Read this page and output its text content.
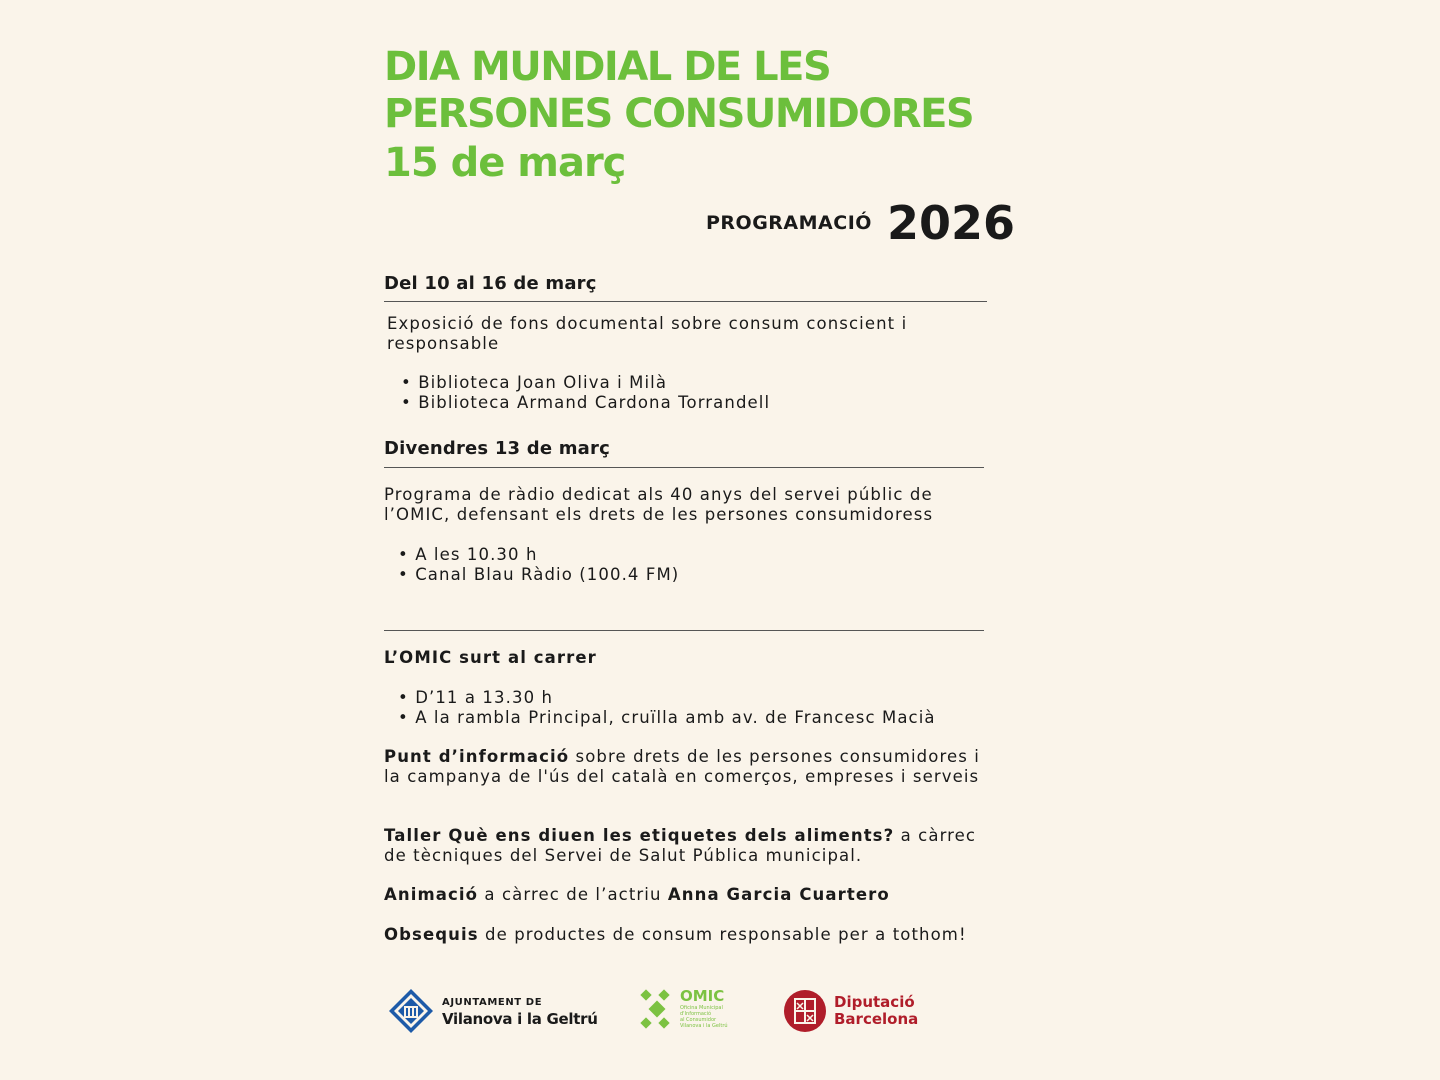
DIA MUNDIAL DE LES
PERSONES CONSUMIDORES
15 de març
PROGRAMACIÓ 2026
Del 10 al 16 de març

Exposició de fons documental sobre consum conscient i responsable

• Biblioteca Joan Oliva i Milà
• Biblioteca Armand Cardona Torrandell
Divendres 13 de març

Programa de ràdio dedicat als 40 anys del servei públic de l’OMIC, defensant els drets de les persones consumidoress

• A les 10.30 h
• Canal Blau Ràdio (100.4 FM)
L’OMIC surt al carrer
• D’11 a 13.30 h
• A la rambla Principal, cruïlla amb av. de Francesc Macià

Punt d’informació sobre drets de les persones consumidores i la campanya de l'ús del català en comerços, empreses i serveis

Taller Què ens diuen les etiquetes dels aliments? a càrrec de tècniques del Servei de Salut Pública municipal.

Animació a càrrec de l’actriu Anna Garcia Cuartero

Obsequis de productes de consum responsable per a tothom!

AJUNTAMENT DE
Vilanova i la Geltrú
OMIC
Oficina Municipal
d'Informació
al Consumidor
Vilanova i la Geltrú
Diputació
Barcelona
